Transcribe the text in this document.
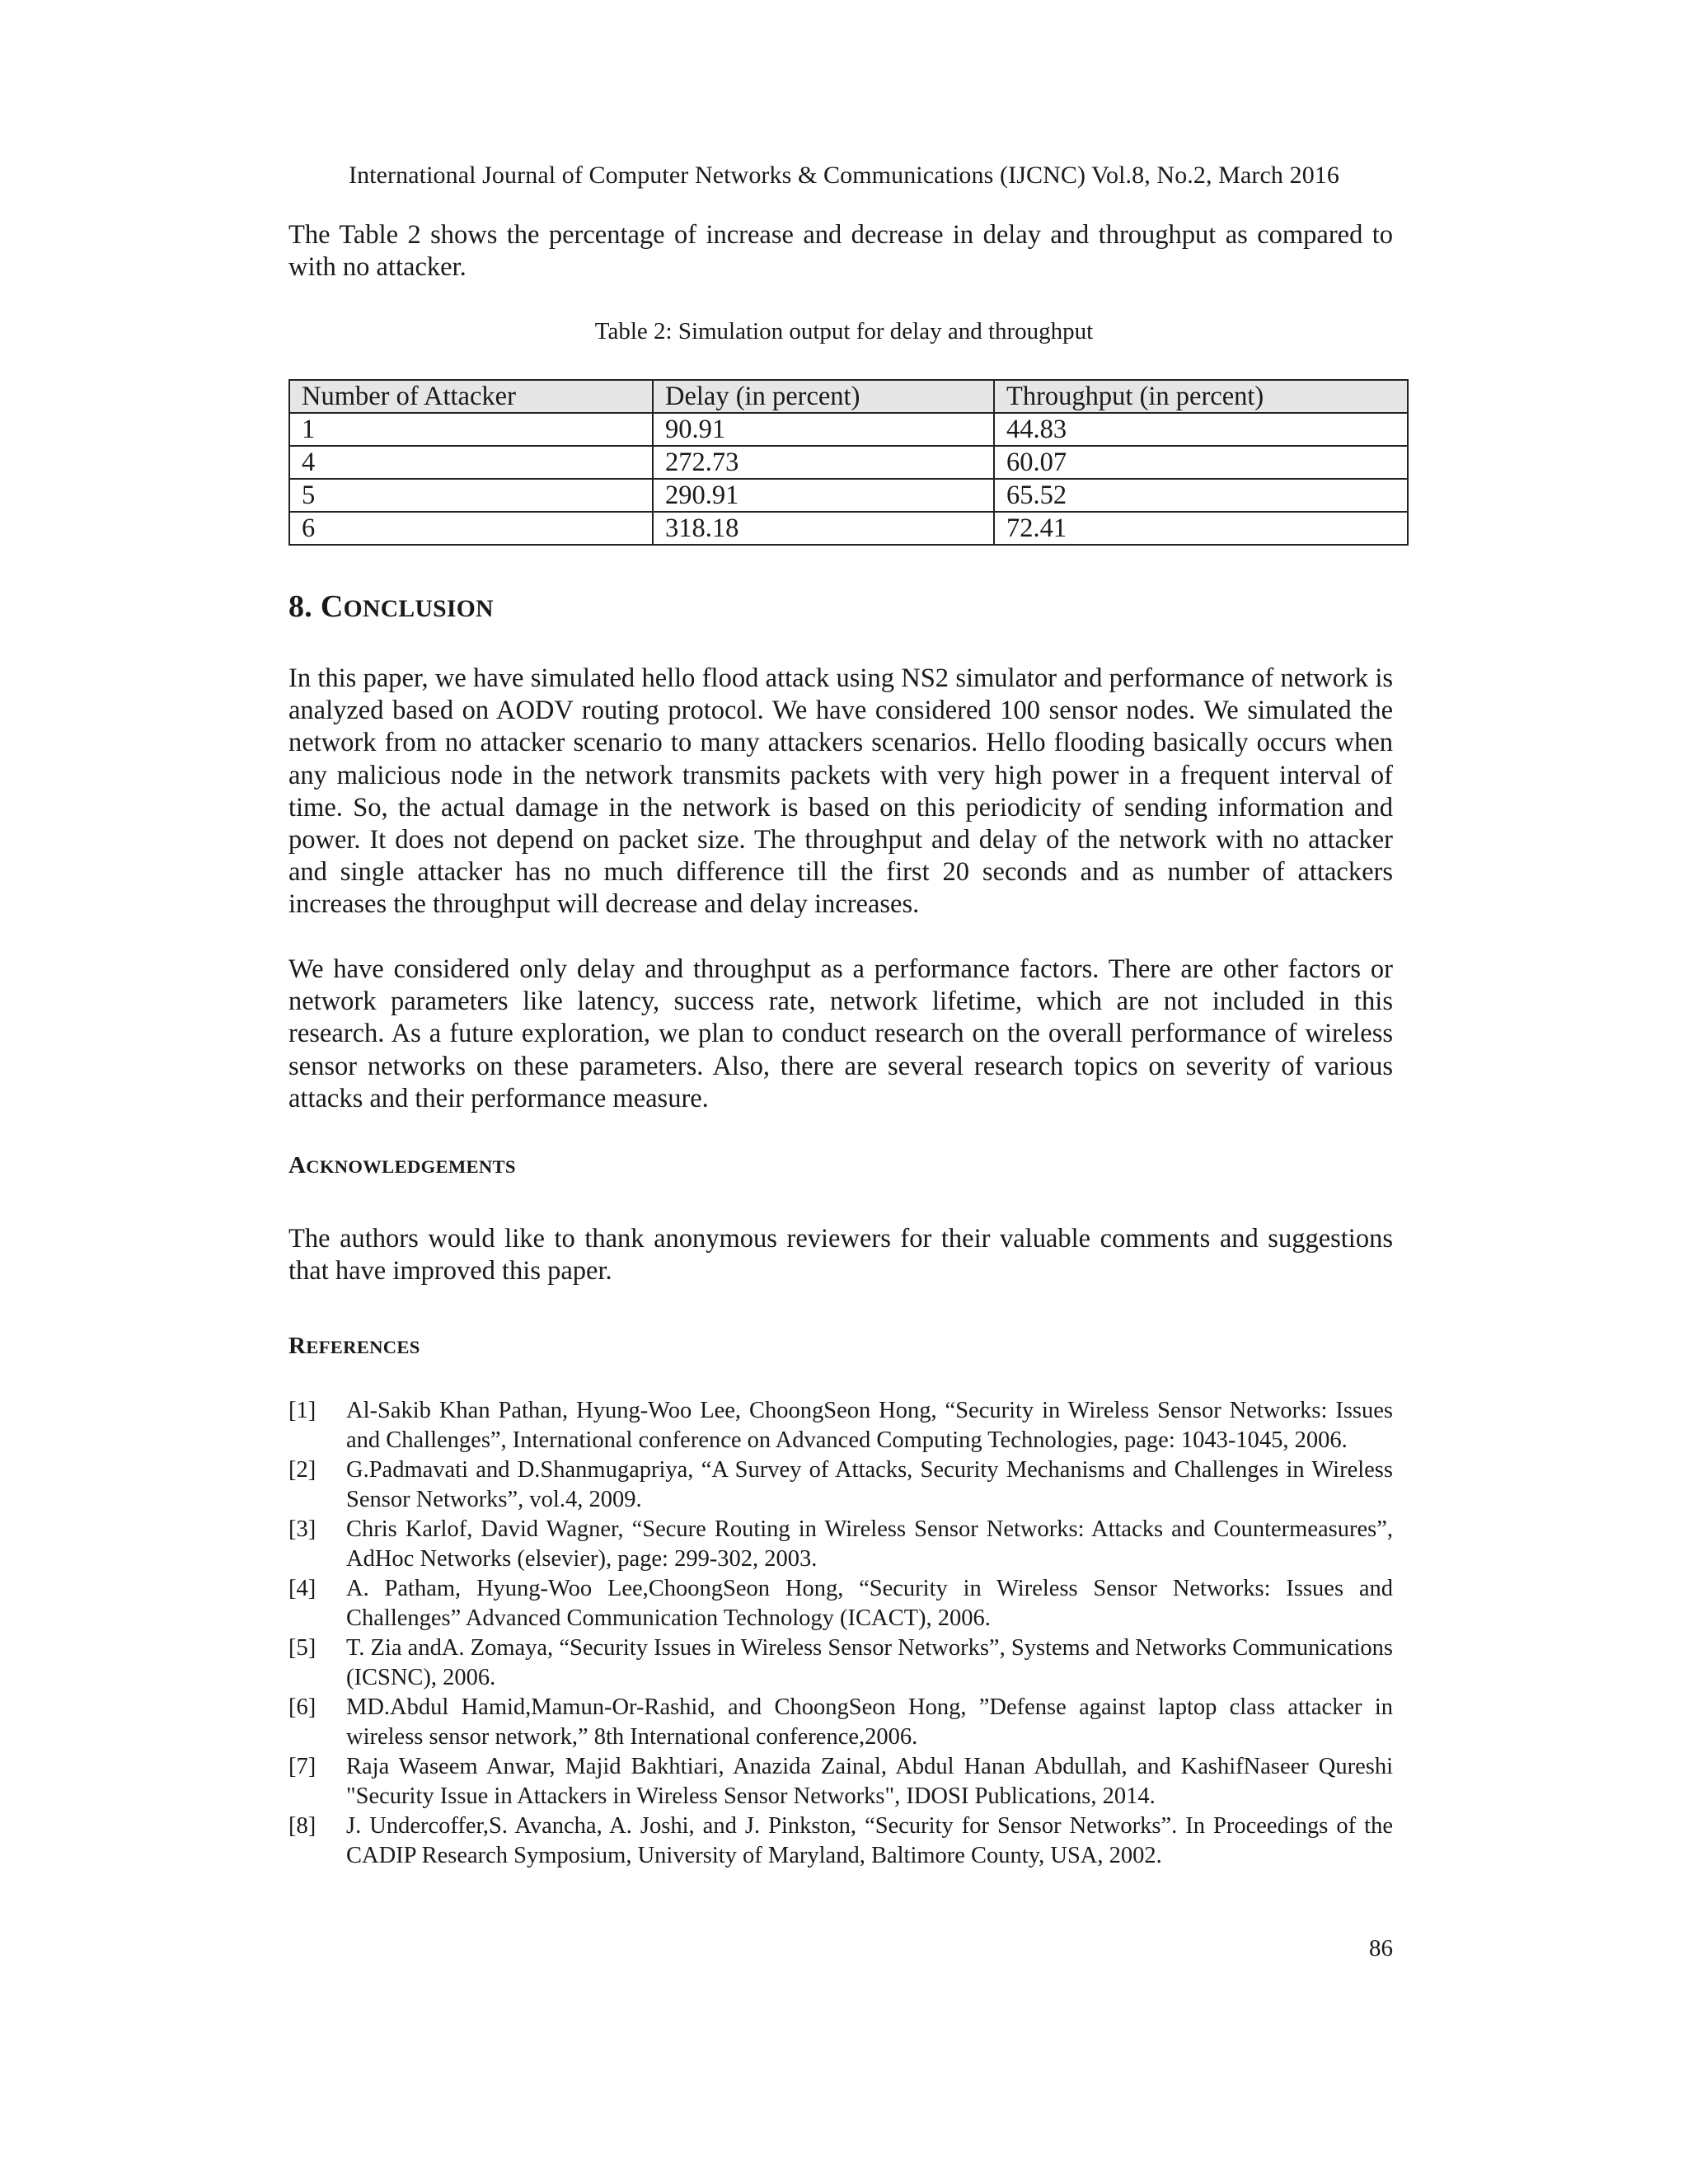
International Journal of Computer Networks & Communications (IJCNC) Vol.8, No.2, March 2016
The Table 2 shows the percentage of increase and decrease in delay and throughput as compared to with no attacker.
Table 2: Simulation output for delay and throughput
Number of Attacker	Delay (in percent)	Throughput (in percent)
1	90.91	44.83
4	272.73	60.07
5	290.91	65.52
6	318.18	72.41
8. CONCLUSION
In this paper, we have simulated hello flood attack using NS2 simulator and performance of network is analyzed based on AODV routing protocol. We have considered 100 sensor nodes. We simulated the network from no attacker scenario to many attackers scenarios. Hello flooding basically occurs when any malicious node in the network transmits packets with very high power in a frequent interval of time. So, the actual damage in the network is based on this periodicity of sending information and power. It does not depend on packet size. The throughput and delay of the network with no attacker and single attacker has no much difference till the first 20 seconds and as number of attackers increases the throughput will decrease and delay increases.
We have considered only delay and throughput as a performance factors. There are other factors or network parameters like latency, success rate, network lifetime, which are not included in this research. As a future exploration, we plan to conduct research on the overall performance of wireless sensor networks on these parameters. Also, there are several research topics on severity of various attacks and their performance measure.
ACKNOWLEDGEMENTS
The authors would like to thank anonymous reviewers for their valuable comments and suggestions that have improved this paper.
REFERENCES
[1]	Al-Sakib Khan Pathan, Hyung-Woo Lee, ChoongSeon Hong, “Security in Wireless Sensor Networks: Issues and Challenges”, International conference on Advanced Computing Technologies, page: 1043-1045, 2006.
[2]	G.Padmavati and D.Shanmugapriya, “A Survey of Attacks, Security Mechanisms and Challenges in Wireless Sensor Networks”, vol.4, 2009.
[3]	Chris Karlof, David Wagner, “Secure Routing in Wireless Sensor Networks: Attacks and Countermeasures”, AdHoc Networks (elsevier), page: 299-302, 2003.
[4]	A. Patham, Hyung-Woo Lee,ChoongSeon Hong, “Security in Wireless Sensor Networks: Issues and Challenges” Advanced Communication Technology (ICACT), 2006.
[5]	T. Zia andA. Zomaya, “Security Issues in Wireless Sensor Networks”, Systems and Networks Communications (ICSNC), 2006.
[6]	MD.Abdul Hamid,Mamun-Or-Rashid, and ChoongSeon Hong, ”Defense against laptop class attacker in wireless sensor network,” 8th International conference,2006.
[7]	Raja Waseem Anwar, Majid Bakhtiari, Anazida Zainal, Abdul Hanan Abdullah, and KashifNaseer Qureshi "Security Issue in Attackers in Wireless Sensor Networks", IDOSI Publications, 2014.
[8]	J. Undercoffer,S. Avancha, A. Joshi, and J. Pinkston, “Security for Sensor Networks”. In Proceedings of the CADIP Research Symposium, University of Maryland, Baltimore County, USA, 2002.
86
